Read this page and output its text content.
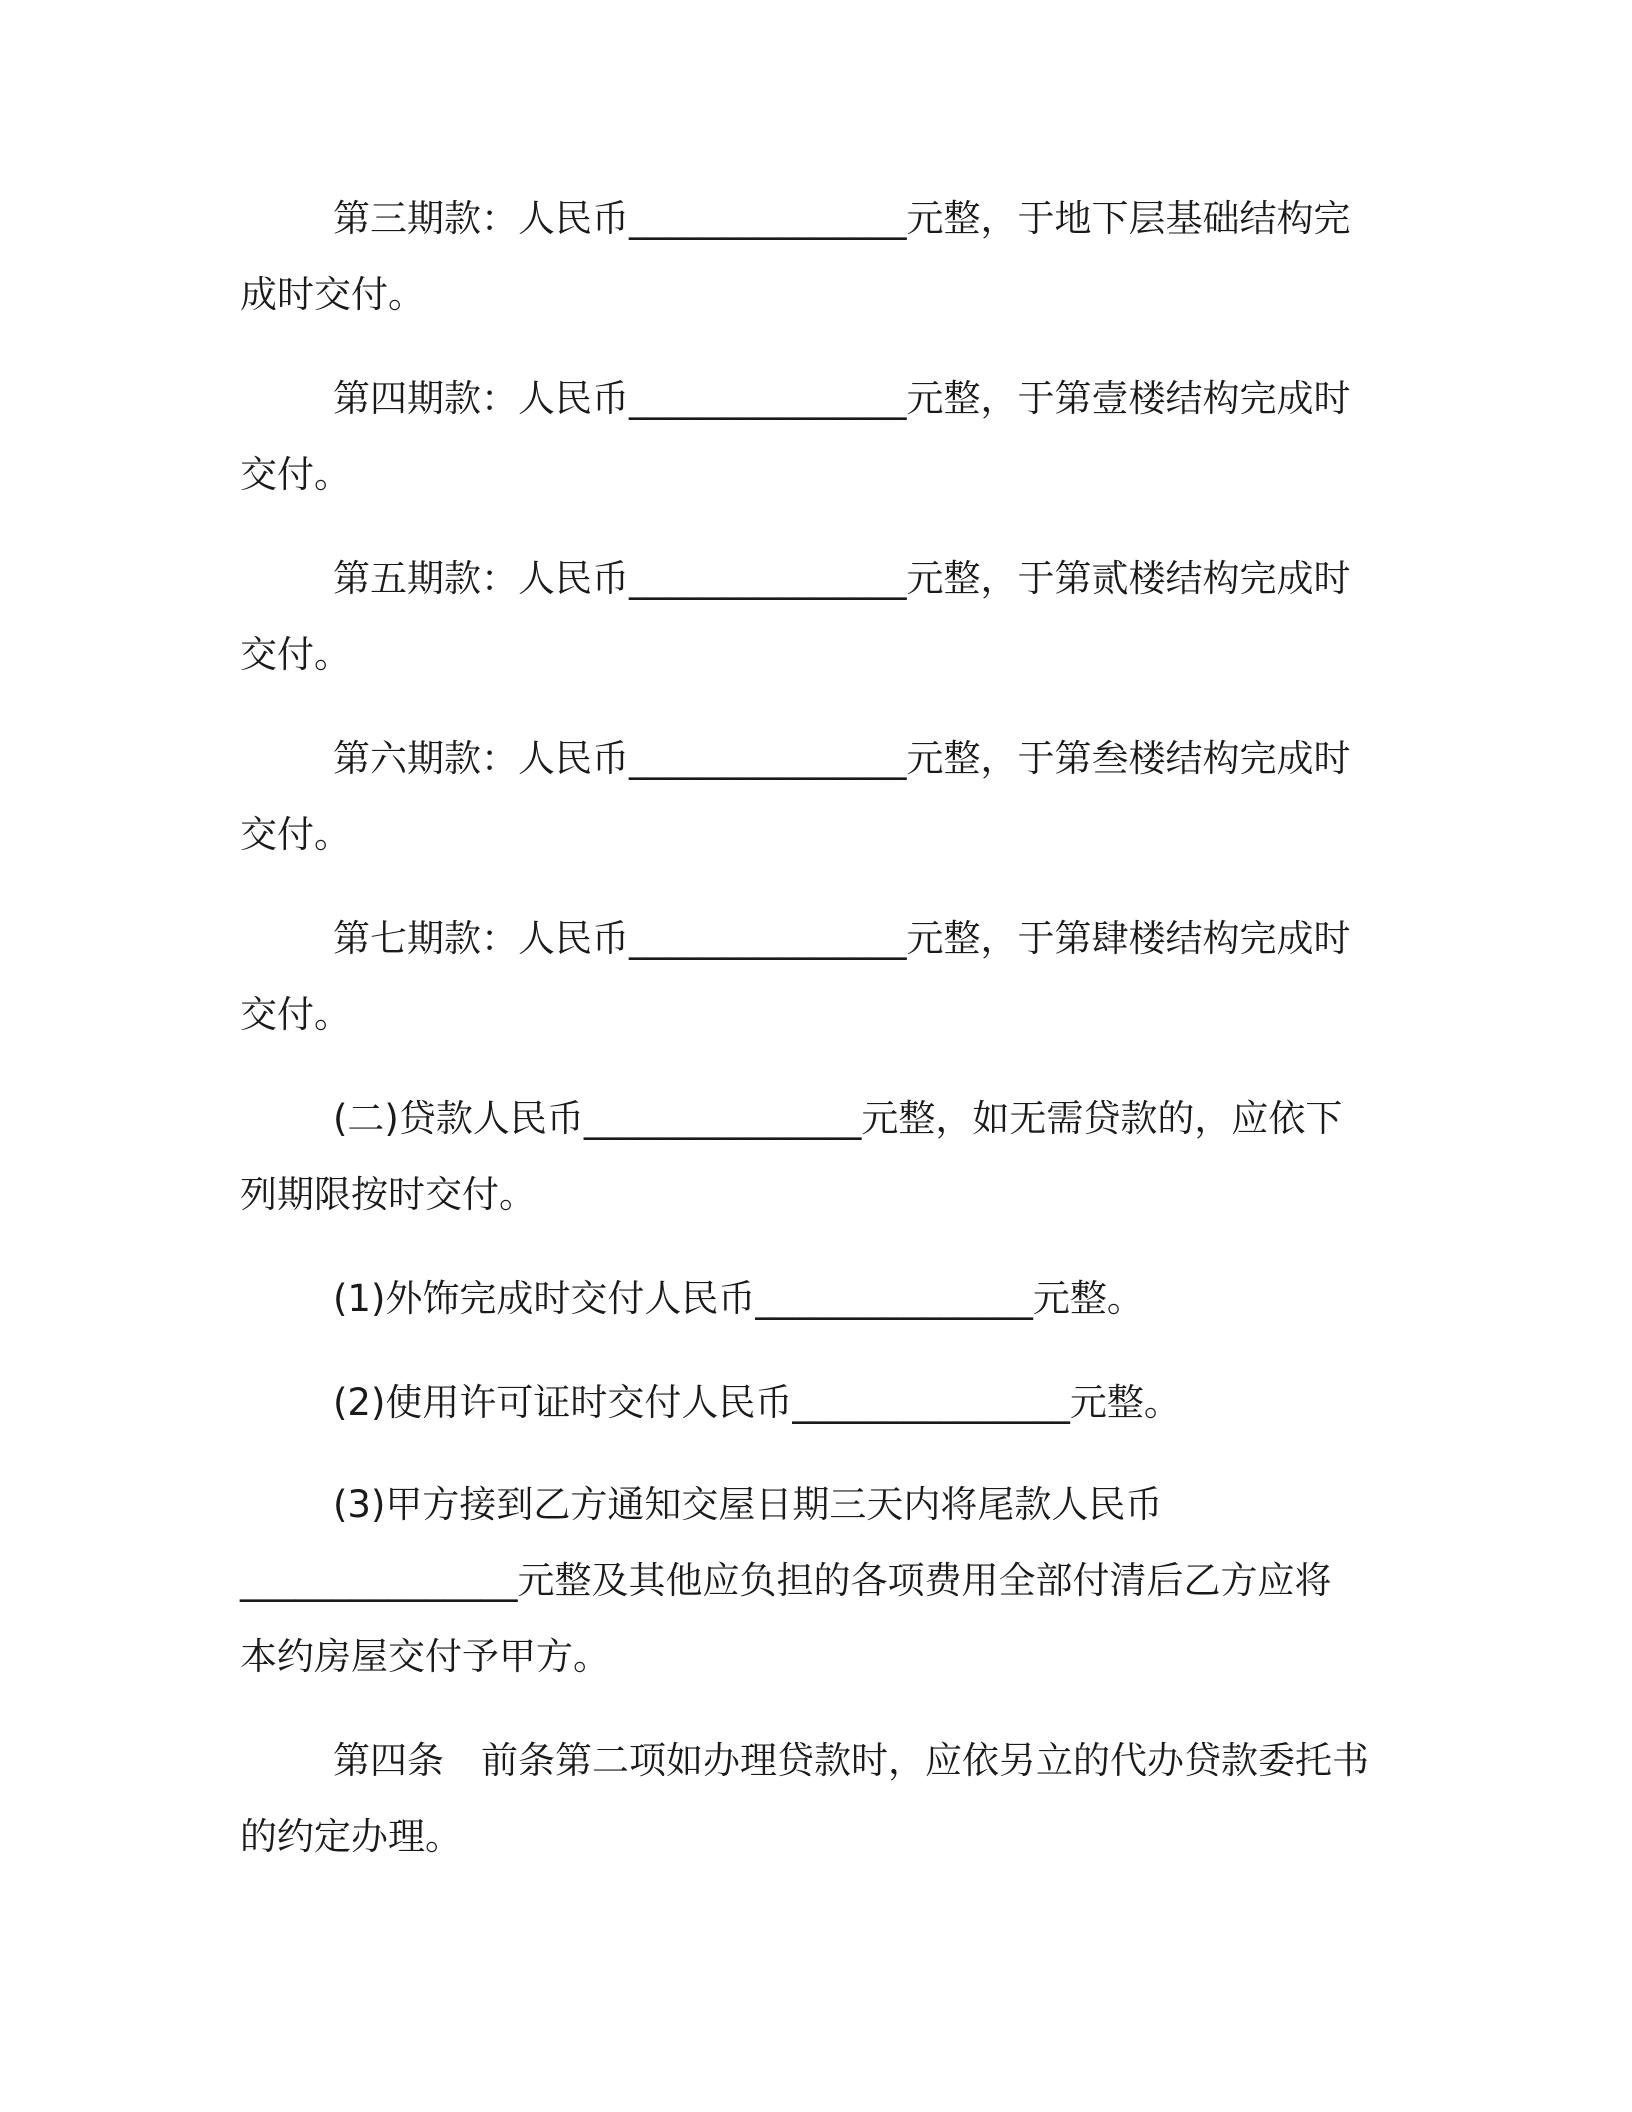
第三期款：人民币_______________元整，于地下层基础结构完

成时交付。

第四期款：人民币_______________元整，于第壹楼结构完成时

交付。

第五期款：人民币_______________元整，于第贰楼结构完成时

交付。

第六期款：人民币_______________元整，于第叁楼结构完成时

交付。

第七期款：人民币_______________元整，于第肆楼结构完成时

交付。

(二)贷款人民币_______________元整，如无需贷款的，应依下

列期限按时交付。

(1)外饰完成时交付人民币_______________元整。

(2)使用许可证时交付人民币_______________元整。

(3)甲方接到乙方通知交屋日期三天内将尾款人民币

_______________元整及其他应负担的各项费用全部付清后乙方应将

本约房屋交付予甲方。

第四条　前条第二项如办理贷款时，应依另立的代办贷款委托书

的约定办理。
